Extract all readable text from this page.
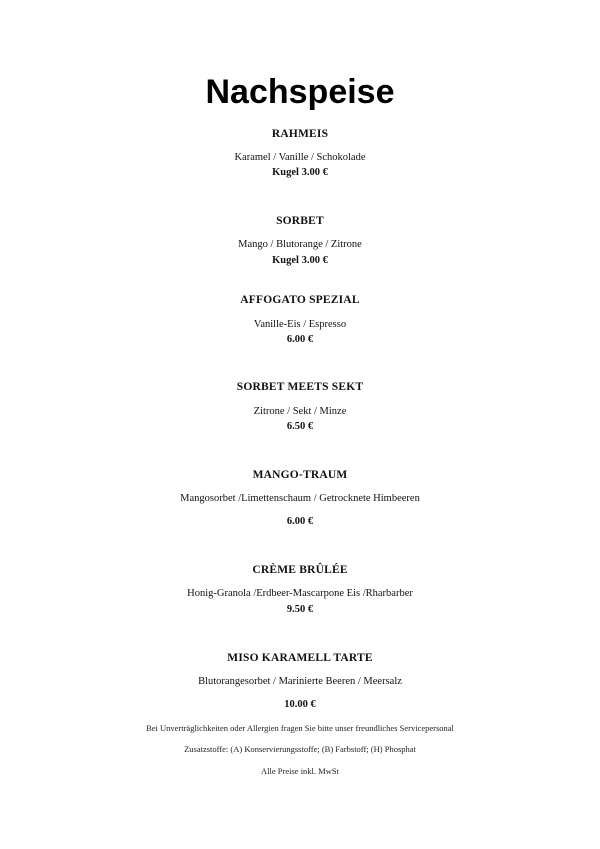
Nachspeise
RAHMEIS
Karamel / Vanille / Schokolade
Kugel 3.00 €
SORBET
Mango / Blutorange / Zitrone
Kugel 3.00 €
AFFOGATO SPEZIAL
Vanille-Eis / Espresso
6.00 €
SORBET MEETS SEKT
Zitrone / Sekt / Minze
6.50 €
MANGO-TRAUM
Mangosorbet /Limettenschaum / Getrocknete Himbeeren
6.00 €
CRÈME BRÛLÉE
Honig-Granola /Erdbeer-Mascarpone Eis /Rharbarber
9.50 €
MISO KARAMELL TARTE
Blutorangesorbet / Marinierte Beeren / Meersalz
10.00 €
Bei Unverträglichkeiten oder Allergien fragen Sie bitte unser freundliches Servicepersonal
Zusatzstoffe: (A) Konservierungsstoffe; (B) Farbstoff; (H) Phosphat
Alle Preise inkl. MwSt
